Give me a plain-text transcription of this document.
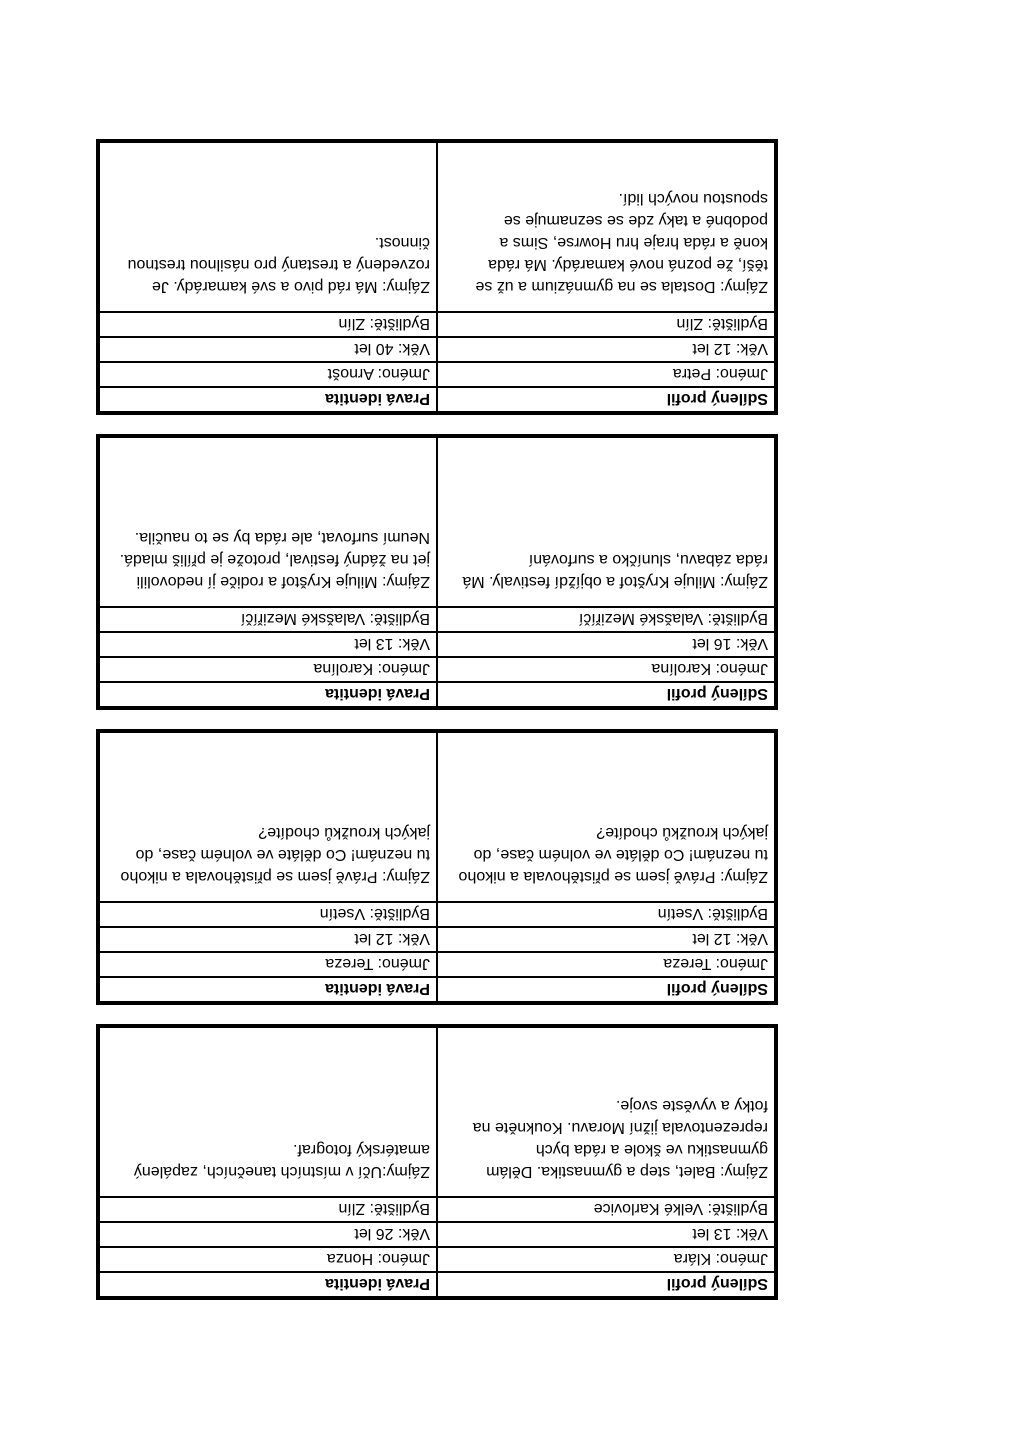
Sdílený profil
Pravá identita
Jméno: Petra
Jméno: Arnošt
Věk: 12 let
Věk: 40 let
Bydliště: Zlín
Bydliště: Zlín
Zájmy: Dostala se na gymnázium a už se
těší, že pozná nové kamarády. Má ráda
koně a ráda hraje hru Howrse, Sims a
podobné a taky zde se seznamuje se
spoustou nových lidí.
Zájmy: Má rád pivo a své kamarády. Je
rozvedený a trestaný pro násilnou trestnou
činnost.
Sdílený profil
Pravá identita
Jméno: Karolína
Jméno: Karolína
Věk: 16 let
Věk: 13 let
Bydliště: Valašské Meziříčí
Bydliště: Valašské Meziříčí
Zájmy: Miluje Kryštof a objíždí festivaly. Má
ráda zábavu, sluníčko a surfování
Zájmy: Miluje Kryštof a rodiče jí nedovolili
jet na žádný festival, protože je příliš mladá.
Neumí surfovat, ale ráda by se to naučila.
Sdílený profil
Pravá identita
Jméno: Tereza
Jméno: Tereza
Věk: 12 let
Věk: 12 let
Bydliště: Vsetín
Bydliště: Vsetín
Zájmy: Právě jsem se přistěhovala a nikoho
tu neznám! Co děláte ve volném čase, do
jakých kroužků chodíte?
Zájmy: Právě jsem se přistěhovala a nikoho
tu neznám! Co děláte ve volném čase, do
jakých kroužků chodíte?
Sdílený profil
Pravá identita
Jméno: Klára
Jméno: Honza
Věk: 13 let
Věk: 26 let
Bydliště: Velké Karlovice
Bydliště: Zlín
Zájmy: Balet, step a gymnastika. Dělám
gymnastiku ve škole a ráda bych
reprezentovala jižní Moravu. Koukněte na
fotky a vyvěste svoje.
Zájmy:Učí v místních tanečních, zapálený
amatérský fotograf.
